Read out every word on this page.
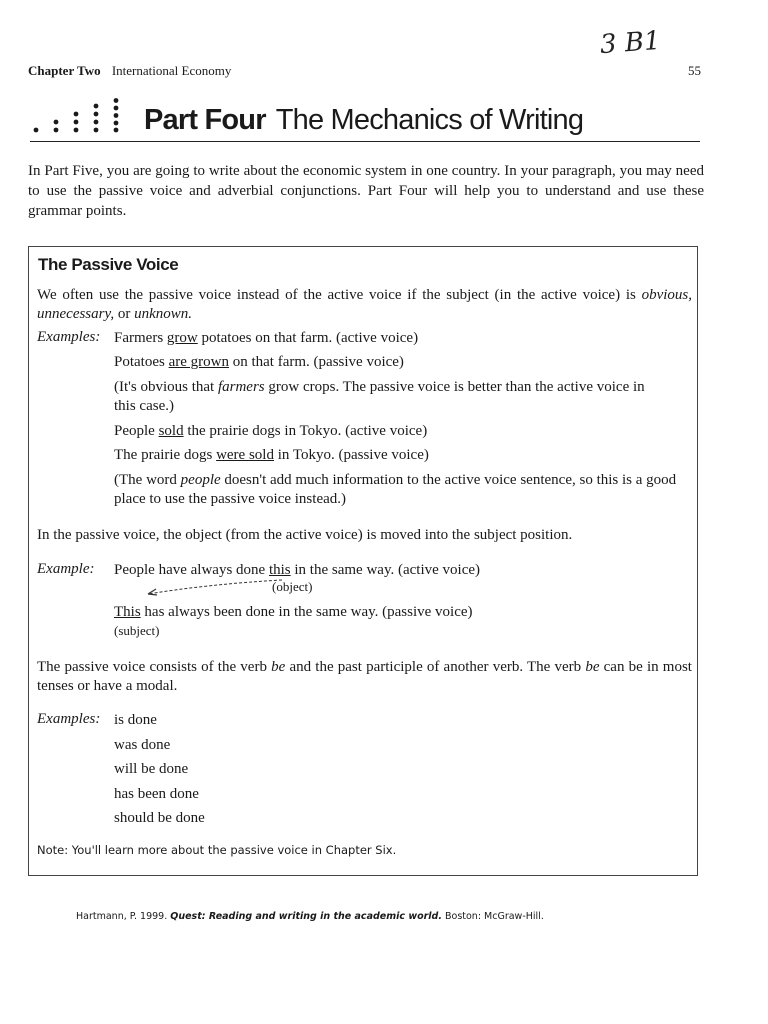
3 B1
Chapter Two International Economy	55
Part Four The Mechanics of Writing
In Part Five, you are going to write about the economic system in one country. In your paragraph, you may need to use the passive voice and adverbial conjunctions. Part Four will help you to understand and use these grammar points.
The Passive Voice
We often use the passive voice instead of the active voice if the subject (in the active voice) is obvious, unnecessary, or unknown.
Examples: Farmers grow potatoes on that farm. (active voice)
Potatoes are grown on that farm. (passive voice)
(It's obvious that farmers grow crops. The passive voice is better than the active voice in this case.)
People sold the prairie dogs in Tokyo. (active voice)
The prairie dogs were sold in Tokyo. (passive voice)
(The word people doesn't add much information to the active voice sentence, so this is a good place to use the passive voice instead.)
In the passive voice, the object (from the active voice) is moved into the subject position.
Example: People have always done this in the same way. (active voice)
(object)
This has always been done in the same way. (passive voice)
(subject)
The passive voice consists of the verb be and the past participle of another verb. The verb be can be in most tenses or have a modal.
Examples: is done
was done
will be done
has been done
should be done
Note: You'll learn more about the passive voice in Chapter Six.
Hartmann, P. 1999. Quest: Reading and writing in the academic world. Boston: McGraw-Hill.
